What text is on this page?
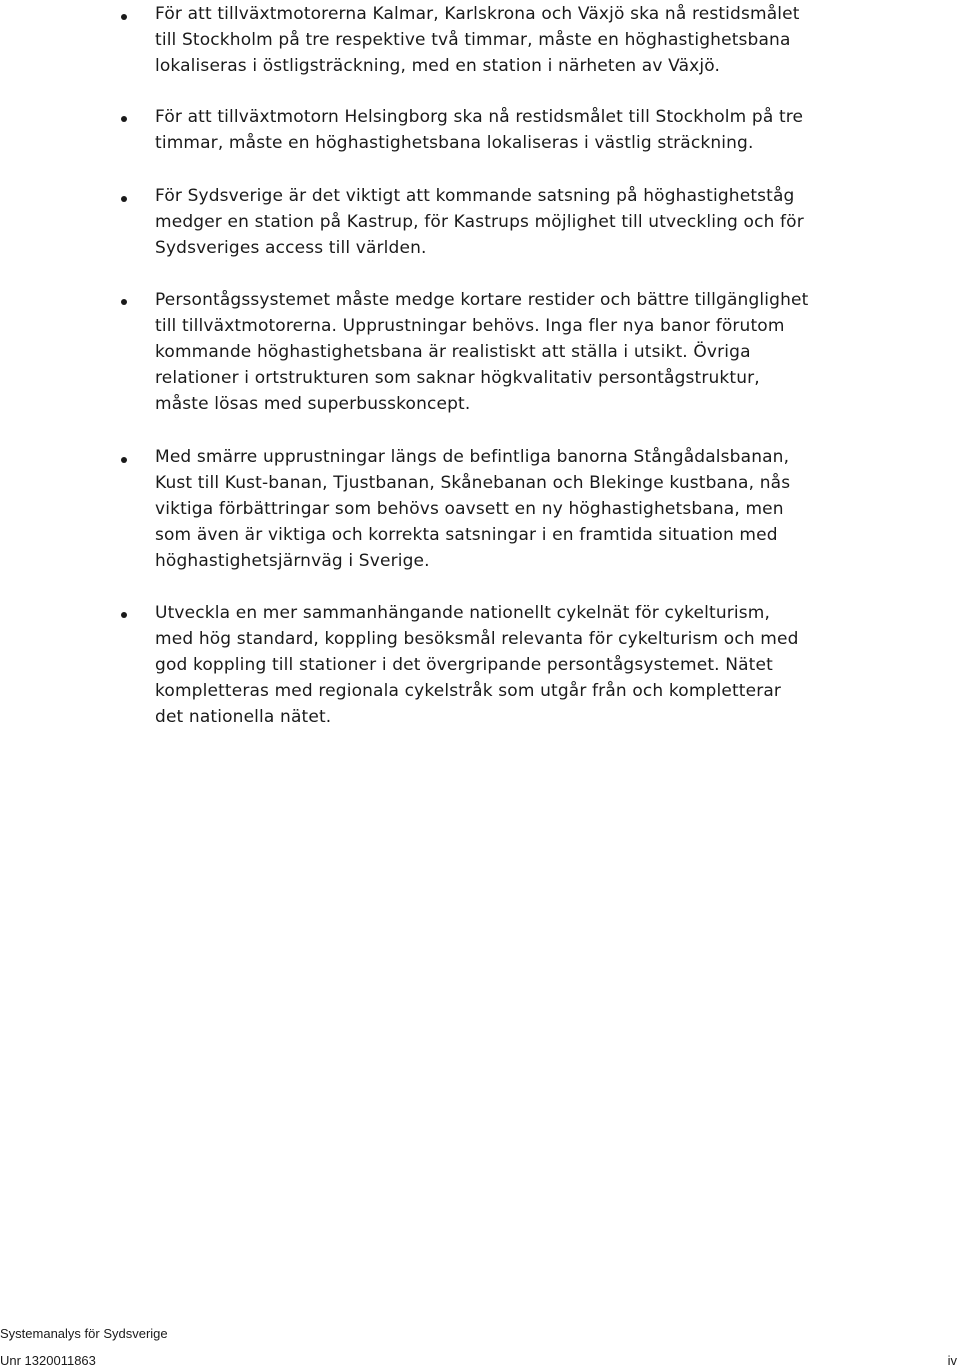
För att tillväxtmotorerna Kalmar, Karlskrona och Växjö ska nå restidsmålet
till Stockholm på tre respektive två timmar, måste en höghastighetsbana
lokaliseras i östligsträckning, med en station i närheten av Växjö.

För att tillväxtmotorn Helsingborg ska nå restidsmålet till Stockholm på tre
timmar, måste en höghastighetsbana lokaliseras i västlig sträckning.

För Sydsverige är det viktigt att kommande satsning på höghastighetståg
medger en station på Kastrup, för Kastrups möjlighet till utveckling och för
Sydsveriges access till världen.

Persontågssystemet måste medge kortare restider och bättre tillgänglighet
till tillväxtmotorerna. Upprustningar behövs. Inga fler nya banor förutom
kommande höghastighetsbana är realistiskt att ställa i utsikt. Övriga
relationer i ortstrukturen som saknar högkvalitativ persontågstruktur,
måste lösas med superbusskoncept.

Med smärre upprustningar längs de befintliga banorna Stångådalsbanan,
Kust till Kust-banan, Tjustbanan, Skånebanan och Blekinge kustbana, nås
viktiga förbättringar som behövs oavsett en ny höghastighetsbana, men
som även är viktiga och korrekta satsningar i en framtida situation med
höghastighetsjärnväg i Sverige.

Utveckla en mer sammanhängande nationellt cykelnät för cykelturism,
med hög standard, koppling besöksmål relevanta för cykelturism och med
god koppling till stationer i det övergripande persontågsystemet. Nätet
kompletteras med regionala cykelstråk som utgår från och kompletterar
det nationella nätet.

Systemanalys för Sydsverige

Unr 1320011863	iv
